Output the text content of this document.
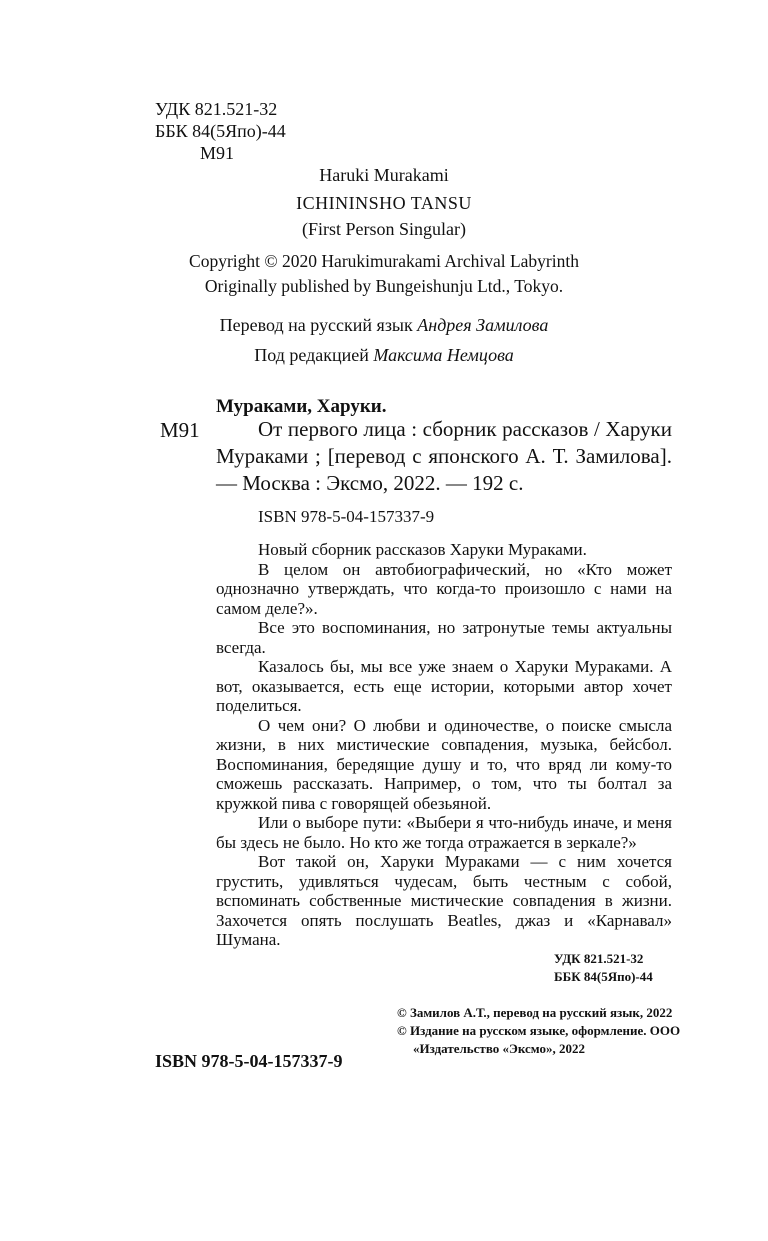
УДК 821.521-32
ББК 84(5Япо)-44
М91
Haruki Murakami
ICHININSHO TANSU
(First Person Singular)
Copyright © 2020 Harukimurakami Archival Labyrinth
Originally published by Bungeishunju Ltd., Tokyo.
Перевод на русский язык Андрея Замилова
Под редакцией Максима Немцова
Мураками, Харуки.
М91	От первого лица : сборник рассказов / Харуки Мураками ; [перевод с японского А. Т. Замилова]. — Москва : Эксмо, 2022. — 192 с.
ISBN 978-5-04-157337-9

Новый сборник рассказов Харуки Мураками.

В целом он автобиографический, но «Кто может однозначно утверждать, что когда-то произошло с нами на самом деле?».

Все это воспоминания, но затронутые темы актуальны всегда.

Казалось бы, мы все уже знаем о Харуки Мураками. А вот, оказывается, есть еще истории, которыми автор хочет поделиться.

О чем они? О любви и одиночестве, о поиске смысла жизни, в них мистические совпадения, музыка, бейсбол. Воспоминания, бередящие душу и то, что вряд ли кому-то сможешь рассказать. Например, о том, что ты болтал за кружкой пива с говорящей обезьяной.

Или о выборе пути: «Выбери я что-нибудь иначе, и меня бы здесь не было. Но кто же тогда отражается в зеркале?»

Вот такой он, Харуки Мураками — с ним хочется грустить, удивляться чудесам, быть честным с собой, вспоминать собственные мистические совпадения в жизни. Захочется опять послушать Beatles, джаз и «Карнавал» Шумана.

УДК 821.521-32
ББК 84(5Япо)-44
© Замилов А.Т., перевод на русский язык, 2022
© Издание на русском языке, оформление. ООО «Издательство «Эксмо», 2022
ISBN 978-5-04-157337-9
